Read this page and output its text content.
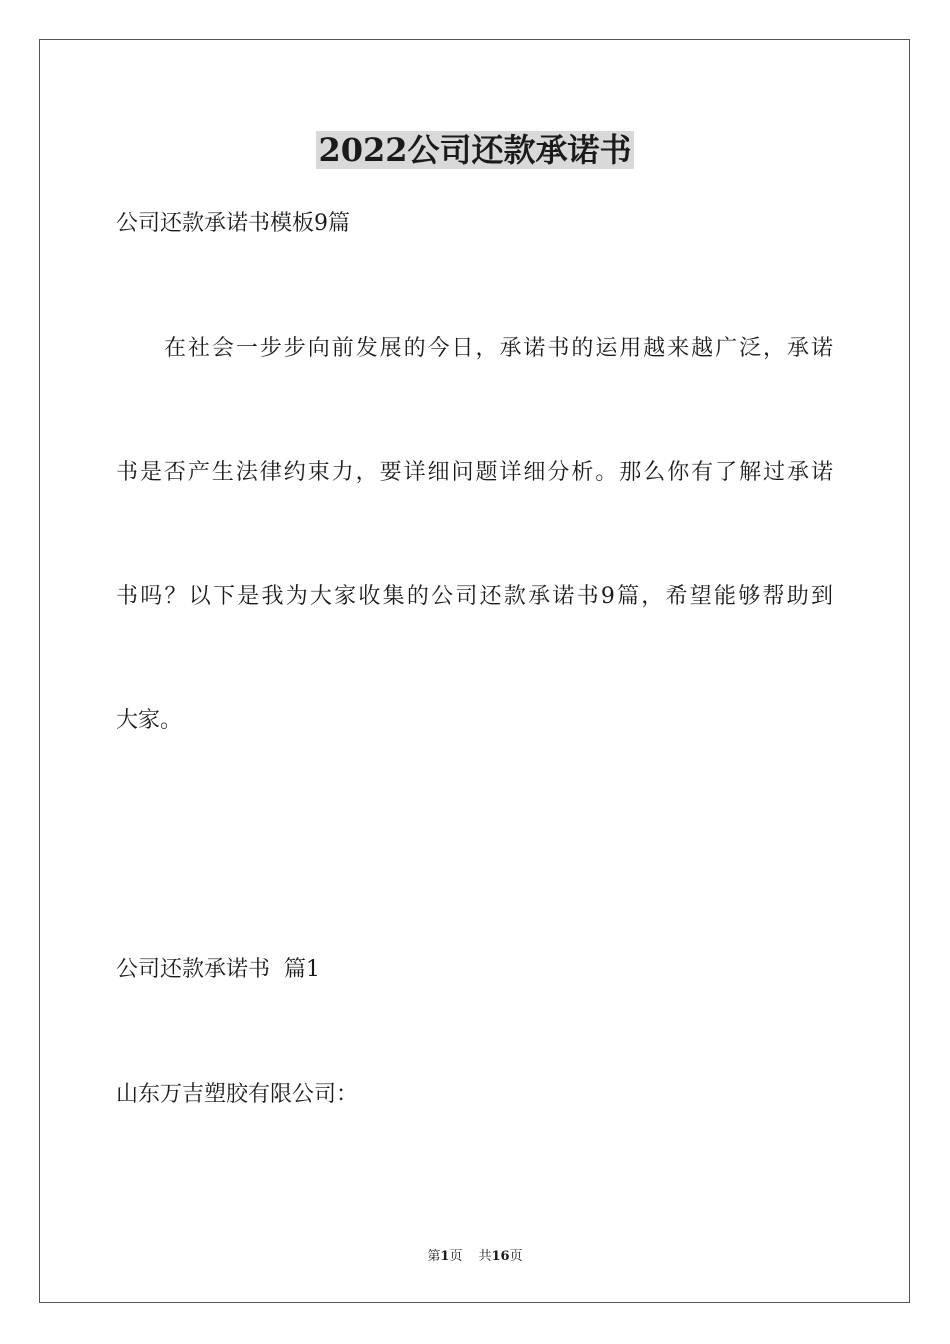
2022公司还款承诺书
公司还款承诺书模板9篇
在社会一步步向前发展的今日，承诺书的运用越来越广泛，承诺
书是否产生法律约束力，要详细问题详细分析。那么你有了解过承诺
书吗？以下是我为大家收集的公司还款承诺书9篇，希望能够帮助到
大家。
公司还款承诺书  篇1
山东万吉塑胶有限公司：
第1页 共16页
